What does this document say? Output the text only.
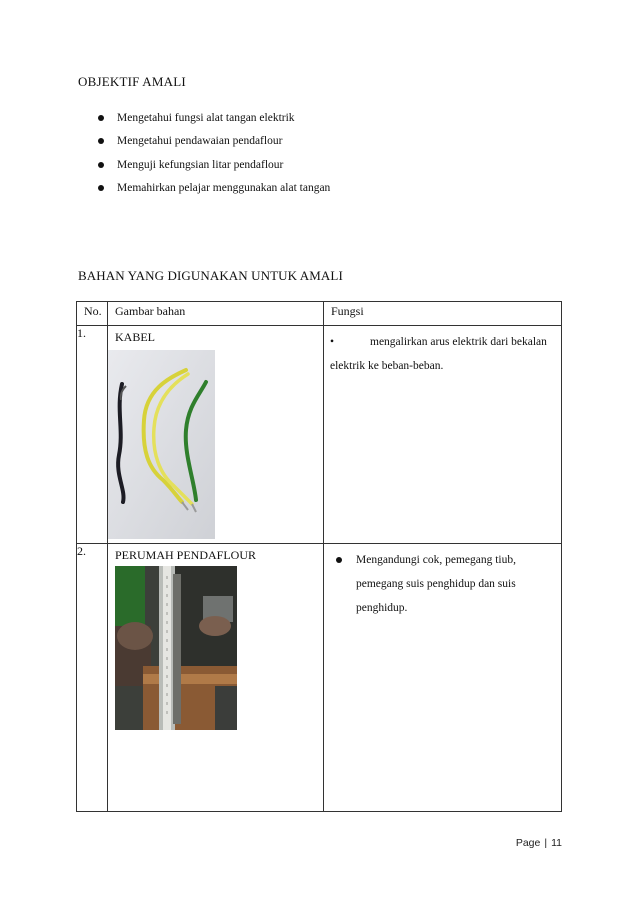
OBJEKTIF AMALI
Mengetahui fungsi alat tangan elektrik
Mengetahui pendawaian pendaflour
Menguji kefungsian litar pendaflour
Memahirkan pelajar menggunakan alat tangan
BAHAN YANG DIGUNAKAN UNTUK AMALI
No.	Gambar bahan	Fungsi
1.	KABEL	• mengalirkan arus elektrik dari bekalan elektrik ke beban-beban.

2.	PERUMAH PENDAFLOUR	Mengandungi cok, pemegang tiub, pemegang suis penghidup dan suis penghidup.
Page | 11
